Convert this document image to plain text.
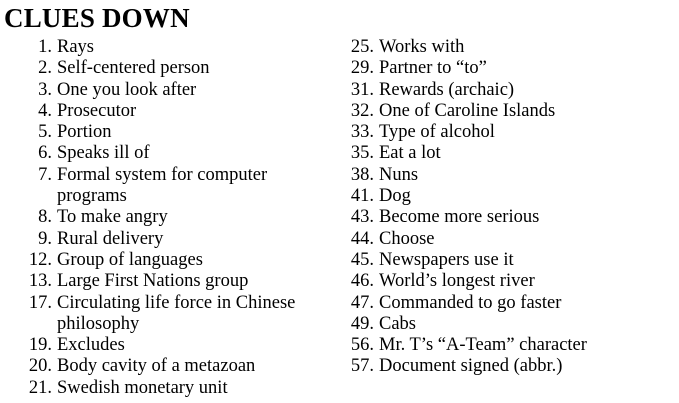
CLUES DOWN
1. Rays
2. Self-centered person
3. One you look after
4. Prosecutor
5. Portion
6. Speaks ill of
7. Formal system for computer programs
8. To make angry
9. Rural delivery
12. Group of languages
13. Large First Nations group
17. Circulating life force in Chinese philosophy
19. Excludes
20. Body cavity of a metazoan
21. Swedish monetary unit
25. Works with
29. Partner to “to”
31. Rewards (archaic)
32. One of Caroline Islands
33. Type of alcohol
35. Eat a lot
38. Nuns
41. Dog
43. Become more serious
44. Choose
45. Newspapers use it
46. World’s longest river
47. Commanded to go faster
49. Cabs
56. Mr. T’s “A-Team” character
57. Document signed (abbr.)
